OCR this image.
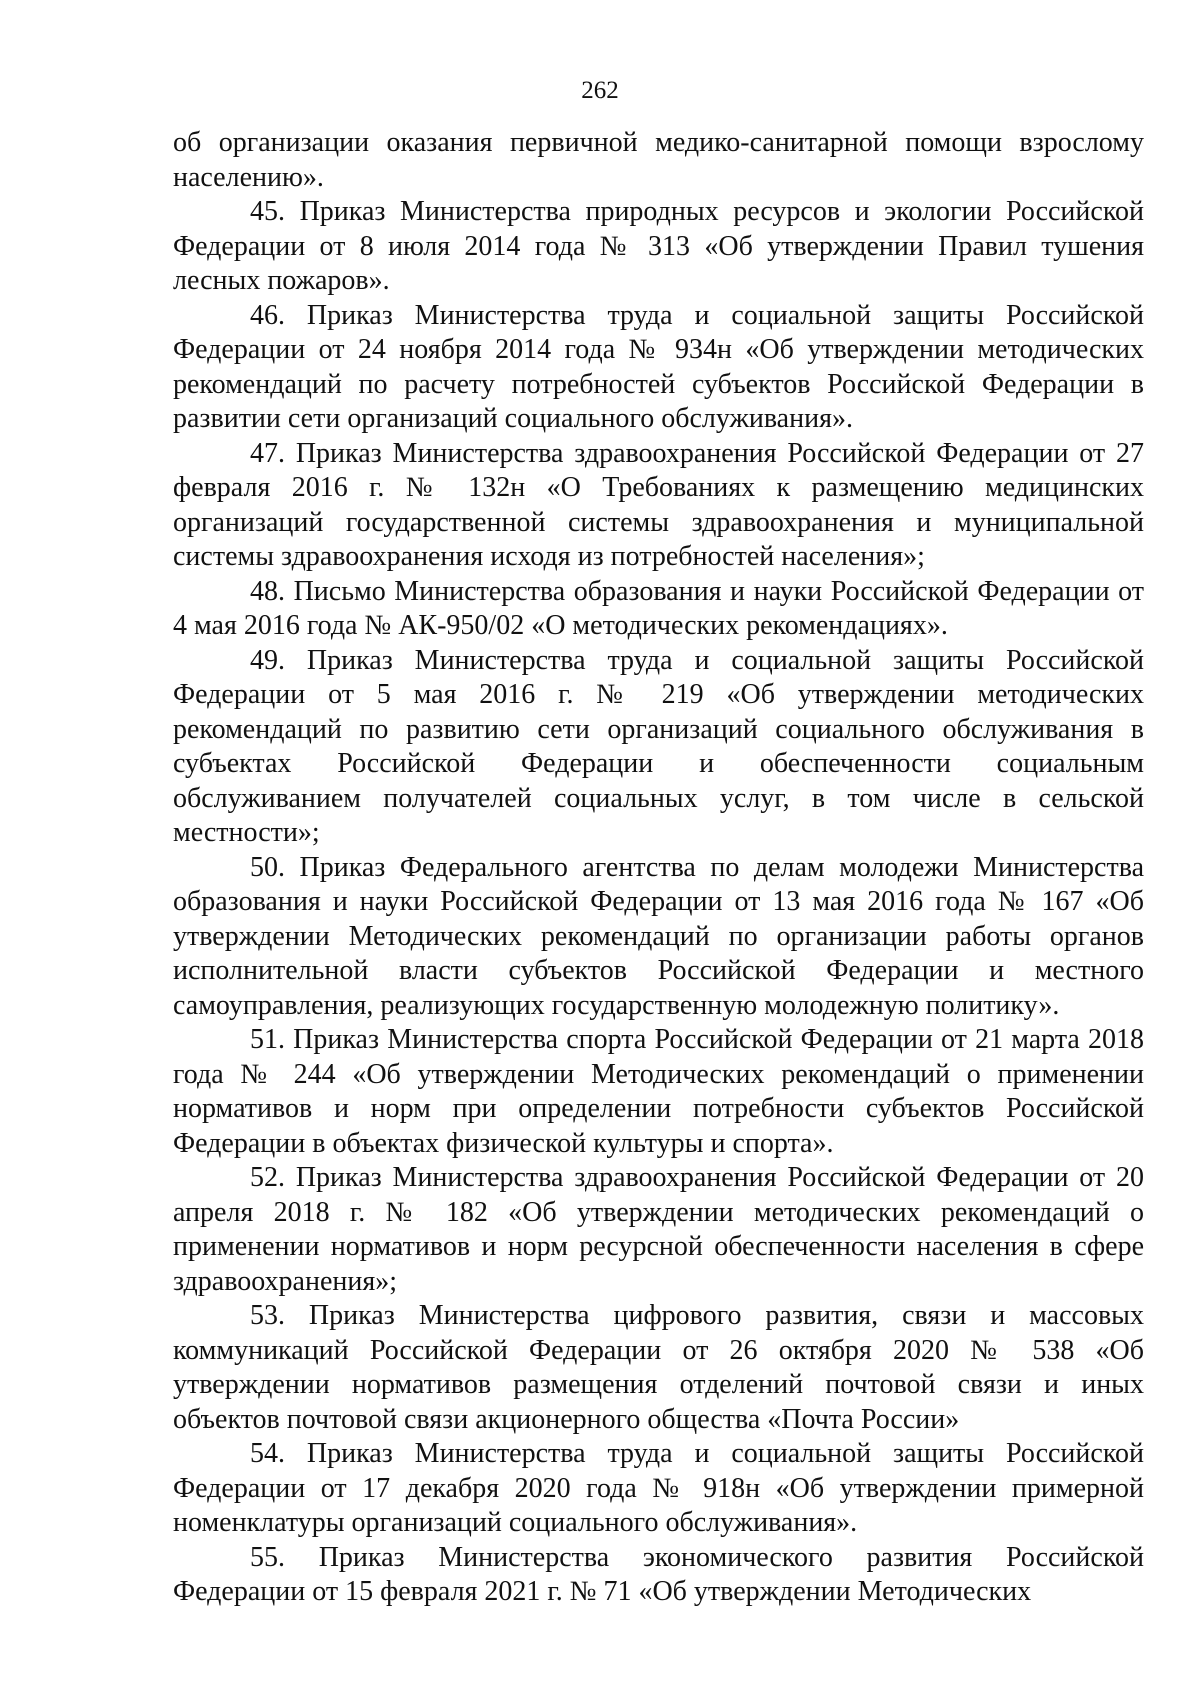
262

об организации оказания первичной медико-санитарной помощи взрослому населению».

45. Приказ Министерства природных ресурсов и экологии Российской Федерации от 8 июля 2014 года № 313 «Об утверждении Правил тушения лесных пожаров».

46. Приказ Министерства труда и социальной защиты Российской Федерации от 24 ноября 2014 года № 934н «Об утверждении методических рекомендаций по расчету потребностей субъектов Российской Федерации в развитии сети организаций социального обслуживания».

47. Приказ Министерства здравоохранения Российской Федерации от 27 февраля 2016 г. № 132н «О Требованиях к размещению медицинских организаций государственной системы здравоохранения и муниципальной системы здравоохранения исходя из потребностей населения»;

48. Письмо Министерства образования и науки Российской Федерации от 4 мая 2016 года № АК-950/02 «О методических рекомендациях».

49. Приказ Министерства труда и социальной защиты Российской Федерации от 5 мая 2016 г. № 219 «Об утверждении методических рекомендаций по развитию сети организаций социального обслуживания в субъектах Российской Федерации и обеспеченности социальным обслуживанием получателей социальных услуг, в том числе в сельской местности»;

50. Приказ Федерального агентства по делам молодежи Министерства образования и науки Российской Федерации от 13 мая 2016 года № 167 «Об утверждении Методических рекомендаций по организации работы органов исполнительной власти субъектов Российской Федерации и местного самоуправления, реализующих государственную молодежную политику».

51. Приказ Министерства спорта Российской Федерации от 21 марта 2018 года № 244 «Об утверждении Методических рекомендаций о применении нормативов и норм при определении потребности субъектов Российской Федерации в объектах физической культуры и спорта».

52. Приказ Министерства здравоохранения Российской Федерации от 20 апреля 2018 г. № 182 «Об утверждении методических рекомендаций о применении нормативов и норм ресурсной обеспеченности населения в сфере здравоохранения»;

53. Приказ Министерства цифрового развития, связи и массовых коммуникаций Российской Федерации от 26 октября 2020 № 538 «Об утверждении нормативов размещения отделений почтовой связи и иных объектов почтовой связи акционерного общества «Почта России»

54. Приказ Министерства труда и социальной защиты Российской Федерации от 17 декабря 2020 года № 918н «Об утверждении примерной номенклатуры организаций социального обслуживания».

55. Приказ Министерства экономического развития Российской Федерации от 15 февраля 2021 г. № 71 «Об утверждении Методических
